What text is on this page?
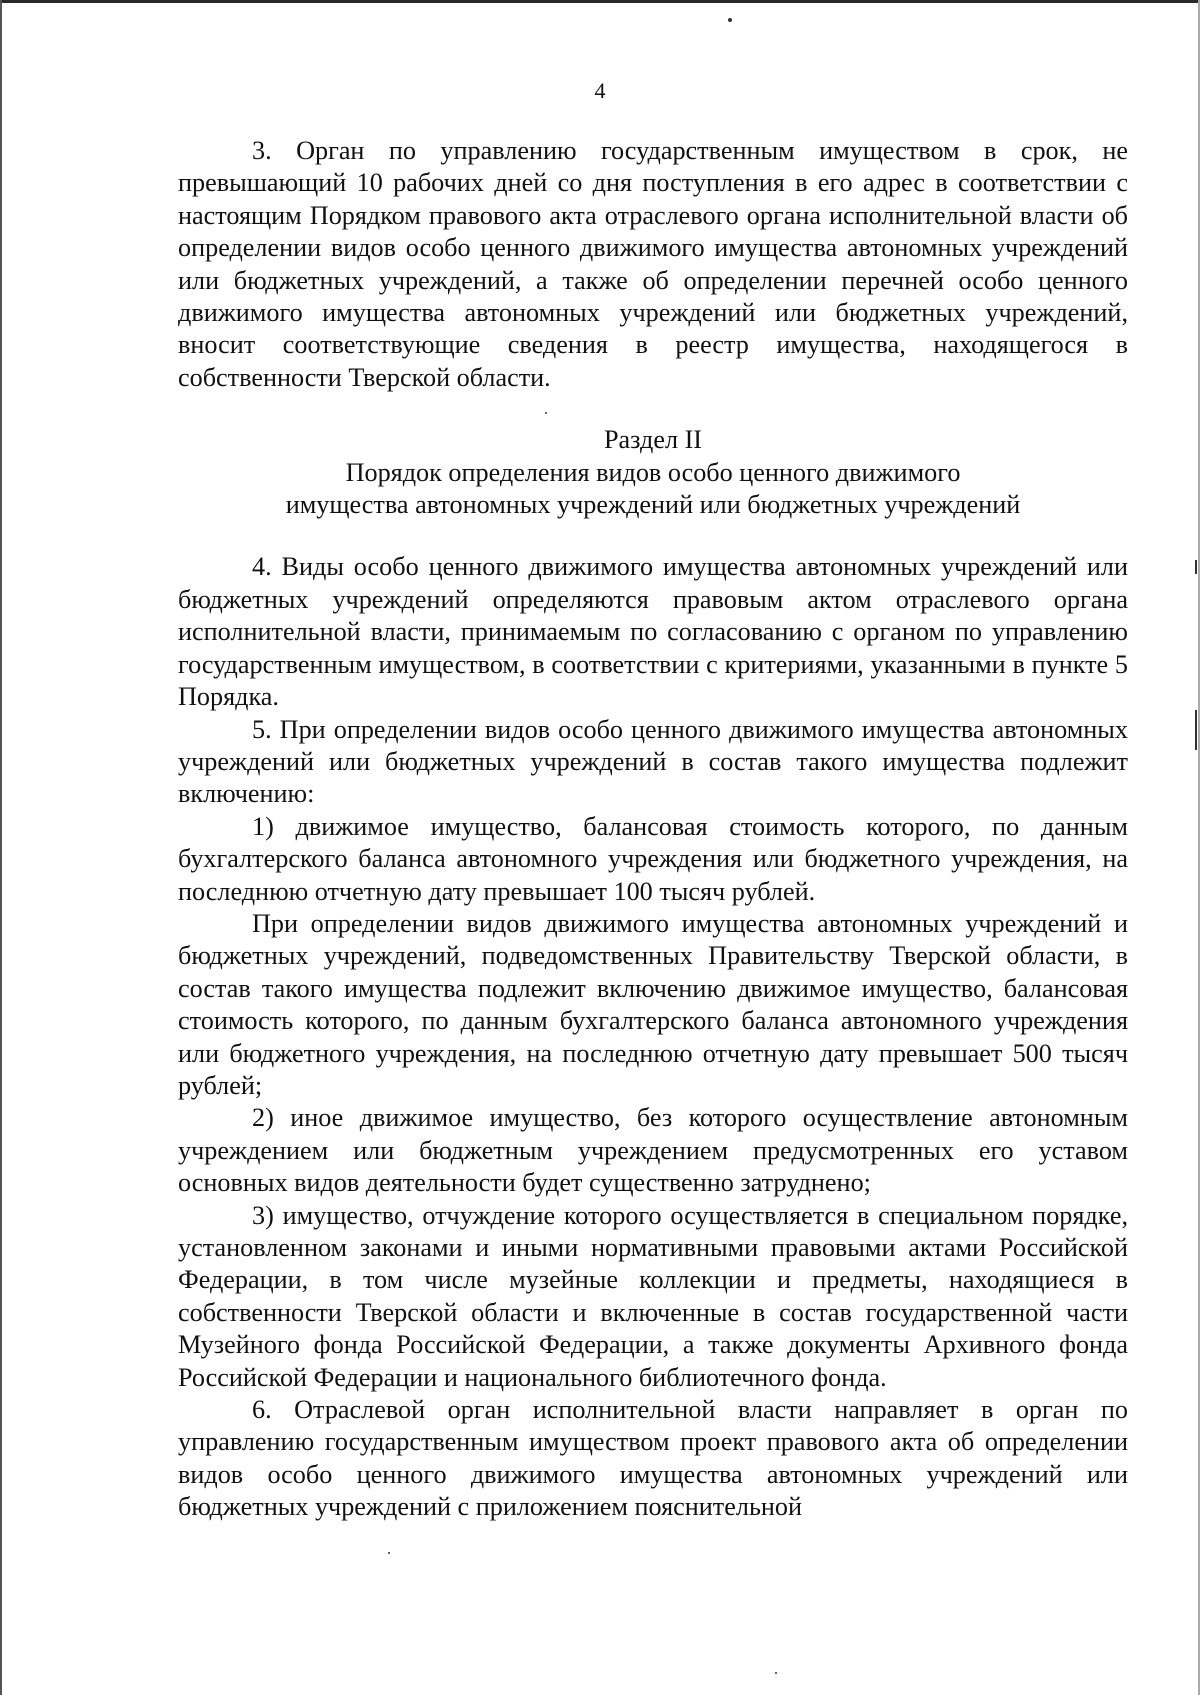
4

3. Орган по управлению государственным имуществом в срок, не превышающий 10 рабочих дней со дня поступления в его адрес в соответствии с настоящим Порядком правового акта отраслевого органа исполнительной власти об определении видов особо ценного движимого имущества автономных учреждений или бюджетных учреждений, а также об определении перечней особо ценного движимого имущества автономных учреждений или бюджетных учреждений, вносит соответствующие сведения в реестр имущества, находящегося в собственности Тверской области.

Раздел II
Порядок определения видов особо ценного движимого
имущества автономных учреждений или бюджетных учреждений

4. Виды особо ценного движимого имущества автономных учреждений или бюджетных учреждений определяются правовым актом отраслевого органа исполнительной власти, принимаемым по согласованию с органом по управлению государственным имуществом, в соответствии с критериями, указанными в пункте 5 Порядка.

5. При определении видов особо ценного движимого имущества автономных учреждений или бюджетных учреждений в состав такого имущества подлежит включению:

1) движимое имущество, балансовая стоимость которого, по данным бухгалтерского баланса автономного учреждения или бюджетного учреждения, на последнюю отчетную дату превышает 100 тысяч рублей.

При определении видов движимого имущества автономных учреждений и бюджетных учреждений, подведомственных Правительству Тверской области, в состав такого имущества подлежит включению движимое имущество, балансовая стоимость которого, по данным бухгалтерского баланса автономного учреждения или бюджетного учреждения, на последнюю отчетную дату превышает 500 тысяч рублей;

2) иное движимое имущество, без которого осуществление автономным учреждением или бюджетным учреждением предусмотренных его уставом основных видов деятельности будет существенно затруднено;

3) имущество, отчуждение которого осуществляется в специальном порядке, установленном законами и иными нормативными правовыми актами Российской Федерации, в том числе музейные коллекции и предметы, находящиеся в собственности Тверской области и включенные в состав государственной части Музейного фонда Российской Федерации, а также документы Архивного фонда Российской Федерации и национального библиотечного фонда.

6. Отраслевой орган исполнительной власти направляет в орган по управлению государственным имуществом проект правового акта об определении видов особо ценного движимого имущества автономных учреждений или бюджетных учреждений с приложением пояснительной
